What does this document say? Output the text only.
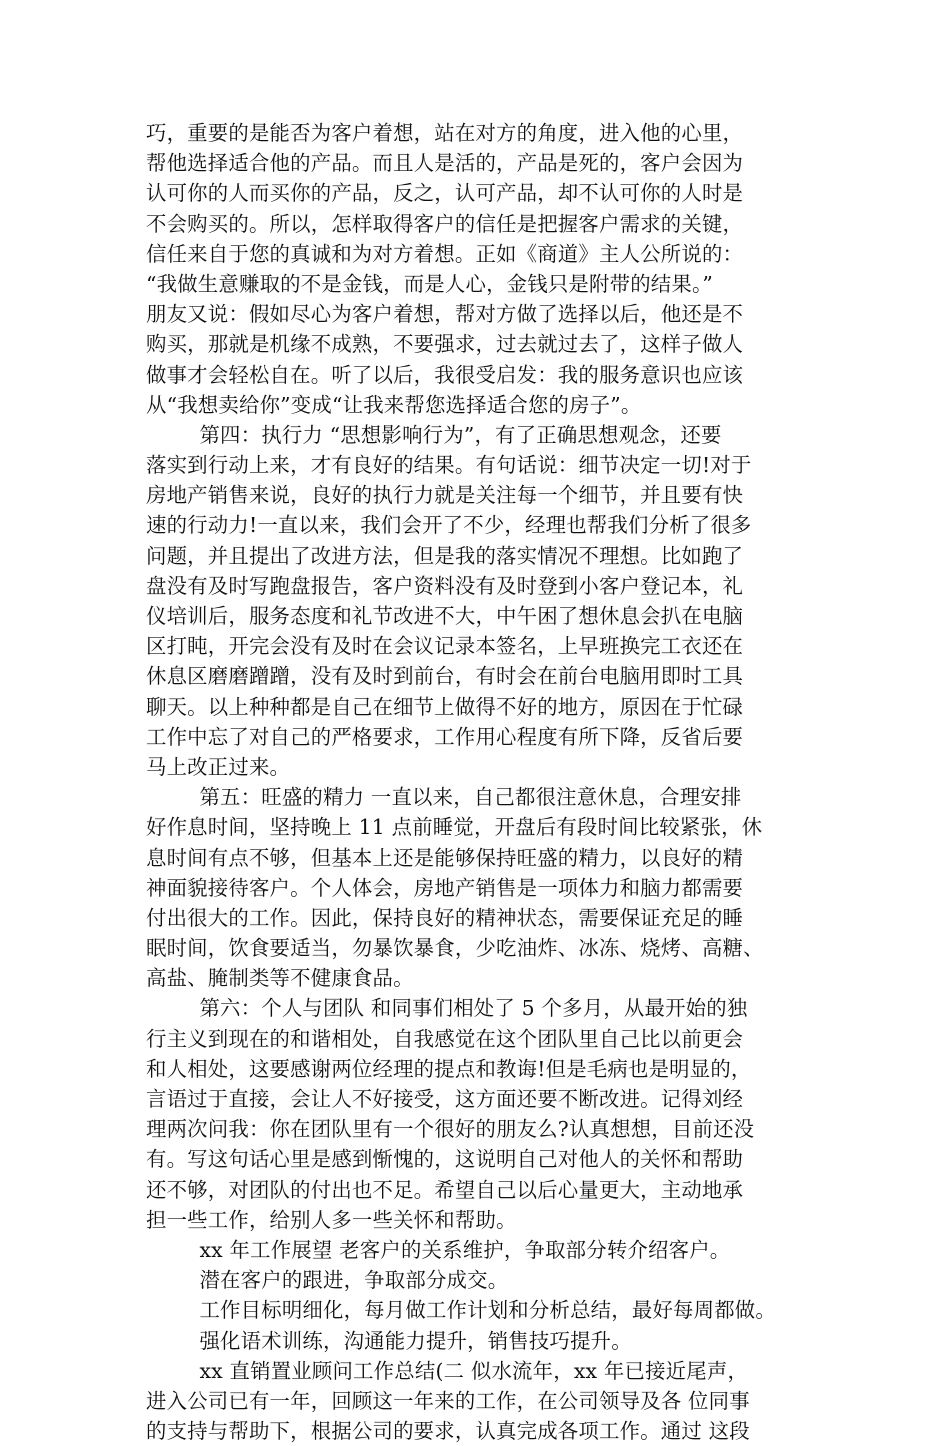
巧，重要的是能否为客户着想，站在对方的角度，进入他的心里，
帮他选择适合他的产品。而且人是活的，产品是死的，客户会因为
认可你的人而买你的产品，反之，认可产品，却不认可你的人时是
不会购买的。所以，怎样取得客户的信任是把握客户需求的关键，
信任来自于您的真诚和为对方着想。正如《商道》主人公所说的：
“我做生意赚取的不是金钱，而是人心，金钱只是附带的结果。”
朋友又说：假如尽心为客户着想，帮对方做了选择以后，他还是不
购买，那就是机缘不成熟，不要强求，过去就过去了，这样子做人
做事才会轻松自在。听了以后，我很受启发：我的服务意识也应该
从“我想卖给你”变成“让我来帮您选择适合您的房子”。
第四：执行力 “思想影响行为”，有了正确思想观念，还要
落实到行动上来，才有良好的结果。有句话说：细节决定一切!对于
房地产销售来说，良好的执行力就是关注每一个细节，并且要有快
速的行动力!一直以来，我们会开了不少，经理也帮我们分析了很多
问题，并且提出了改进方法，但是我的落实情况不理想。比如跑了
盘没有及时写跑盘报告，客户资料没有及时登到小客户登记本，礼
仪培训后，服务态度和礼节改进不大，中午困了想休息会扒在电脑
区打盹，开完会没有及时在会议记录本签名，上早班换完工衣还在
休息区磨磨蹭蹭，没有及时到前台，有时会在前台电脑用即时工具
聊天。以上种种都是自己在细节上做得不好的地方，原因在于忙碌
工作中忘了对自己的严格要求，工作用心程度有所下降，反省后要
马上改正过来。
第五：旺盛的精力 一直以来，自己都很注意休息，合理安排
好作息时间，坚持晚上 11 点前睡觉，开盘后有段时间比较紧张，休
息时间有点不够，但基本上还是能够保持旺盛的精力，以良好的精
神面貌接待客户。个人体会，房地产销售是一项体力和脑力都需要
付出很大的工作。因此，保持良好的精神状态，需要保证充足的睡
眠时间，饮食要适当，勿暴饮暴食，少吃油炸、冰冻、烧烤、高糖、
高盐、腌制类等不健康食品。
第六：个人与团队 和同事们相处了 5 个多月，从最开始的独
行主义到现在的和谐相处，自我感觉在这个团队里自己比以前更会
和人相处，这要感谢两位经理的提点和教诲!但是毛病也是明显的，
言语过于直接，会让人不好接受，这方面还要不断改进。记得刘经
理两次问我：你在团队里有一个很好的朋友么?认真想想，目前还没
有。写这句话心里是感到惭愧的，这说明自己对他人的关怀和帮助
还不够，对团队的付出也不足。希望自己以后心量更大，主动地承
担一些工作，给别人多一些关怀和帮助。
xx 年工作展望 老客户的关系维护，争取部分转介绍客户。
潜在客户的跟进，争取部分成交。
工作目标明细化，每月做工作计划和分析总结，最好每周都做。
强化语术训练，沟通能力提升，销售技巧提升。
xx 直销置业顾问工作总结(二 似水流年，xx 年已接近尾声，
进入公司已有一年，回顾这一年来的工作，在公司领导及各 位同事
的支持与帮助下，根据公司的要求，认真完成各项工作。通过 这段
